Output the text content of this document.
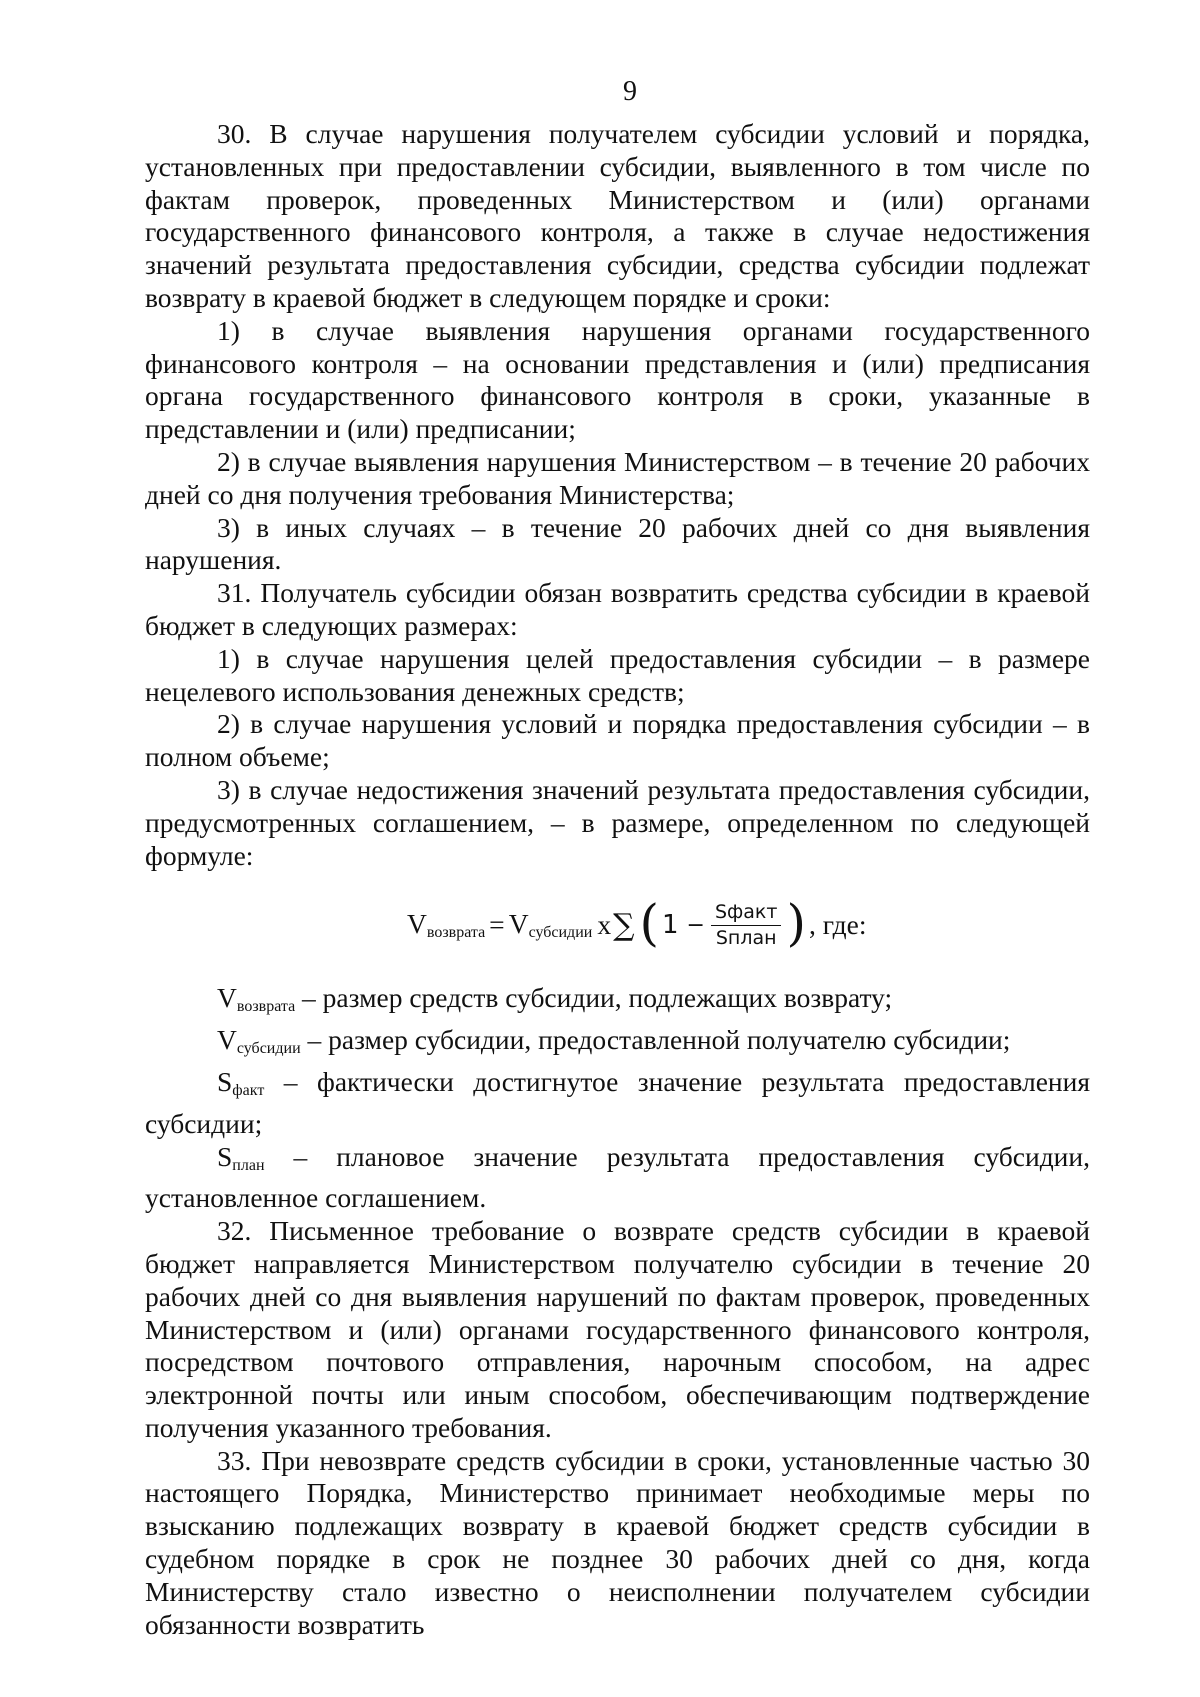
9

30. В случае нарушения получателем субсидии условий и порядка, установленных при предоставлении субсидии, выявленного в том числе по фактам проверок, проведенных Министерством и (или) органами государственного финансового контроля, а также в случае недостижения значений результата предоставления субсидии, средства субсидии подлежат возврату в краевой бюджет в следующем порядке и сроки:

1) в случае выявления нарушения органами государственного финансового контроля – на основании представления и (или) предписания органа государственного финансового контроля в сроки, указанные в представлении и (или) предписании;

2) в случае выявления нарушения Министерством – в течение 20 рабочих дней со дня получения требования Министерства;

3) в иных случаях – в течение 20 рабочих дней со дня выявления нарушения.

31. Получатель субсидии обязан возвратить средства субсидии в краевой бюджет в следующих размерах:

1) в случае нарушения целей предоставления субсидии – в размере нецелевого использования денежных средств;

2) в случае нарушения условий и порядка предоставления субсидии – в полном объеме;

3) в случае недостижения значений результата предоставления субсидии, предусмотренных соглашением, – в размере, определенном по следующей формуле:

$V_{возврата} = V_{субсидии}$ x ∑ ( $1 - \frac{\text{Sфакт}}{\text{Sплан}}$ ) , где:

$V_{возврата}$ – размер средств субсидии, подлежащих возврату;

$V_{субсидии}$ – размер субсидии, предоставленной получателю субсидии;

$S_{факт}$ – фактически достигнутое значение результата предоставления субсидии;

$S_{план}$ – плановое значение результата предоставления субсидии, установленное соглашением.

32. Письменное требование о возврате средств субсидии в краевой бюджет направляется Министерством получателю субсидии в течение 20 рабочих дней со дня выявления нарушений по фактам проверок, проведенных Министерством и (или) органами государственного финансового контроля, посредством почтового отправления, нарочным способом, на адрес электронной почты или иным способом, обеспечивающим подтверждение получения указанного требования.

33. При невозврате средств субсидии в сроки, установленные частью 30 настоящего Порядка, Министерство принимает необходимые меры по взысканию подлежащих возврату в краевой бюджет средств субсидии в судебном порядке в срок не позднее 30 рабочих дней со дня, когда Министерству стало известно о неисполнении получателем субсидии обязанности возвратить
